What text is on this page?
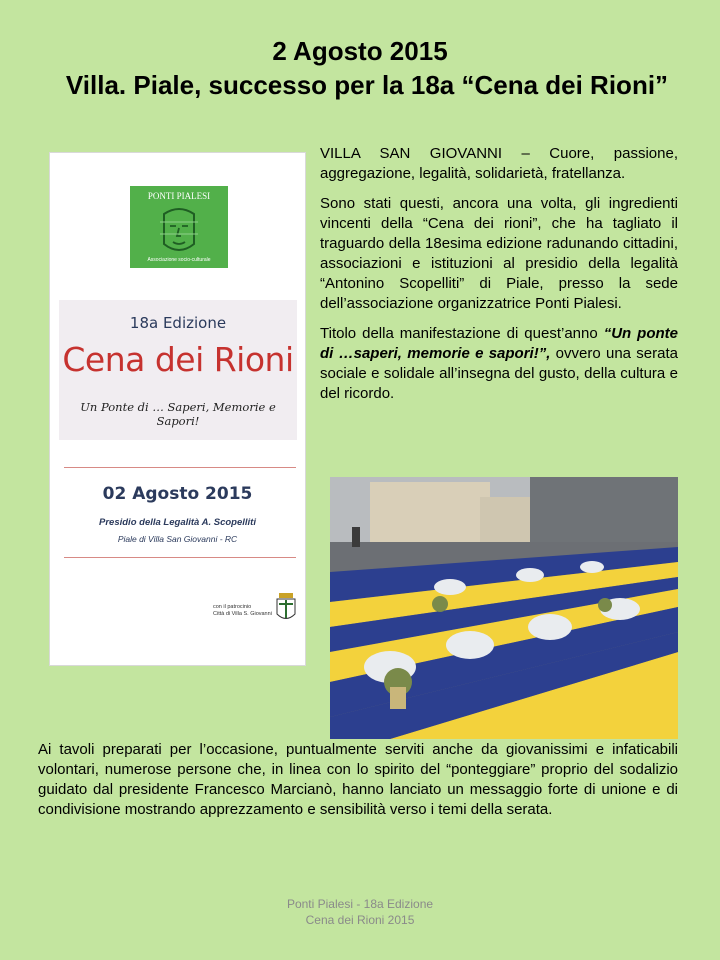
2 Agosto 2015
Villa. Piale, successo per la 18a “Cena dei Rioni”
PONTI PIALESI
Associazione socio-culturale
18a Edizione
Cena dei Rioni
Un Ponte di … Saperi, Memorie e Sapori!
02 Agosto 2015
Presidio della Legalità A. Scopelliti
Piale di Villa San Giovanni - RC
con il patrocinio
Città di Villa S. Giovanni

VILLA SAN GIOVANNI – Cuore, passione, aggregazione, legalità, solidarietà, fratellanza.

Sono stati questi, ancora una volta, gli ingredienti vincenti della “Cena dei rioni”, che ha tagliato il traguardo della 18esima edizione radunando cittadini, associazioni e istituzioni al presidio della legalità “Antonino Scopelliti” di Piale, presso la sede dell’associazione organizzatrice Ponti Pialesi.

Titolo della manifestazione di quest’anno “Un ponte di …saperi, memorie e sapori!”, ovvero una serata sociale e solidale all’insegna del gusto, della cultura e del ricordo.

Ai tavoli preparati per l’occasione, puntualmente serviti anche da giovanissimi e infaticabili volontari, numerose persone che, in linea con lo spirito del “ponteggiare” proprio del sodalizio guidato dal presidente Francesco Marcianò, hanno lanciato un messaggio forte di unione e di condivisione mostrando apprezzamento e sensibilità verso i temi della serata.
Ponti Pialesi - 18a Edizione
Cena dei Rioni 2015
